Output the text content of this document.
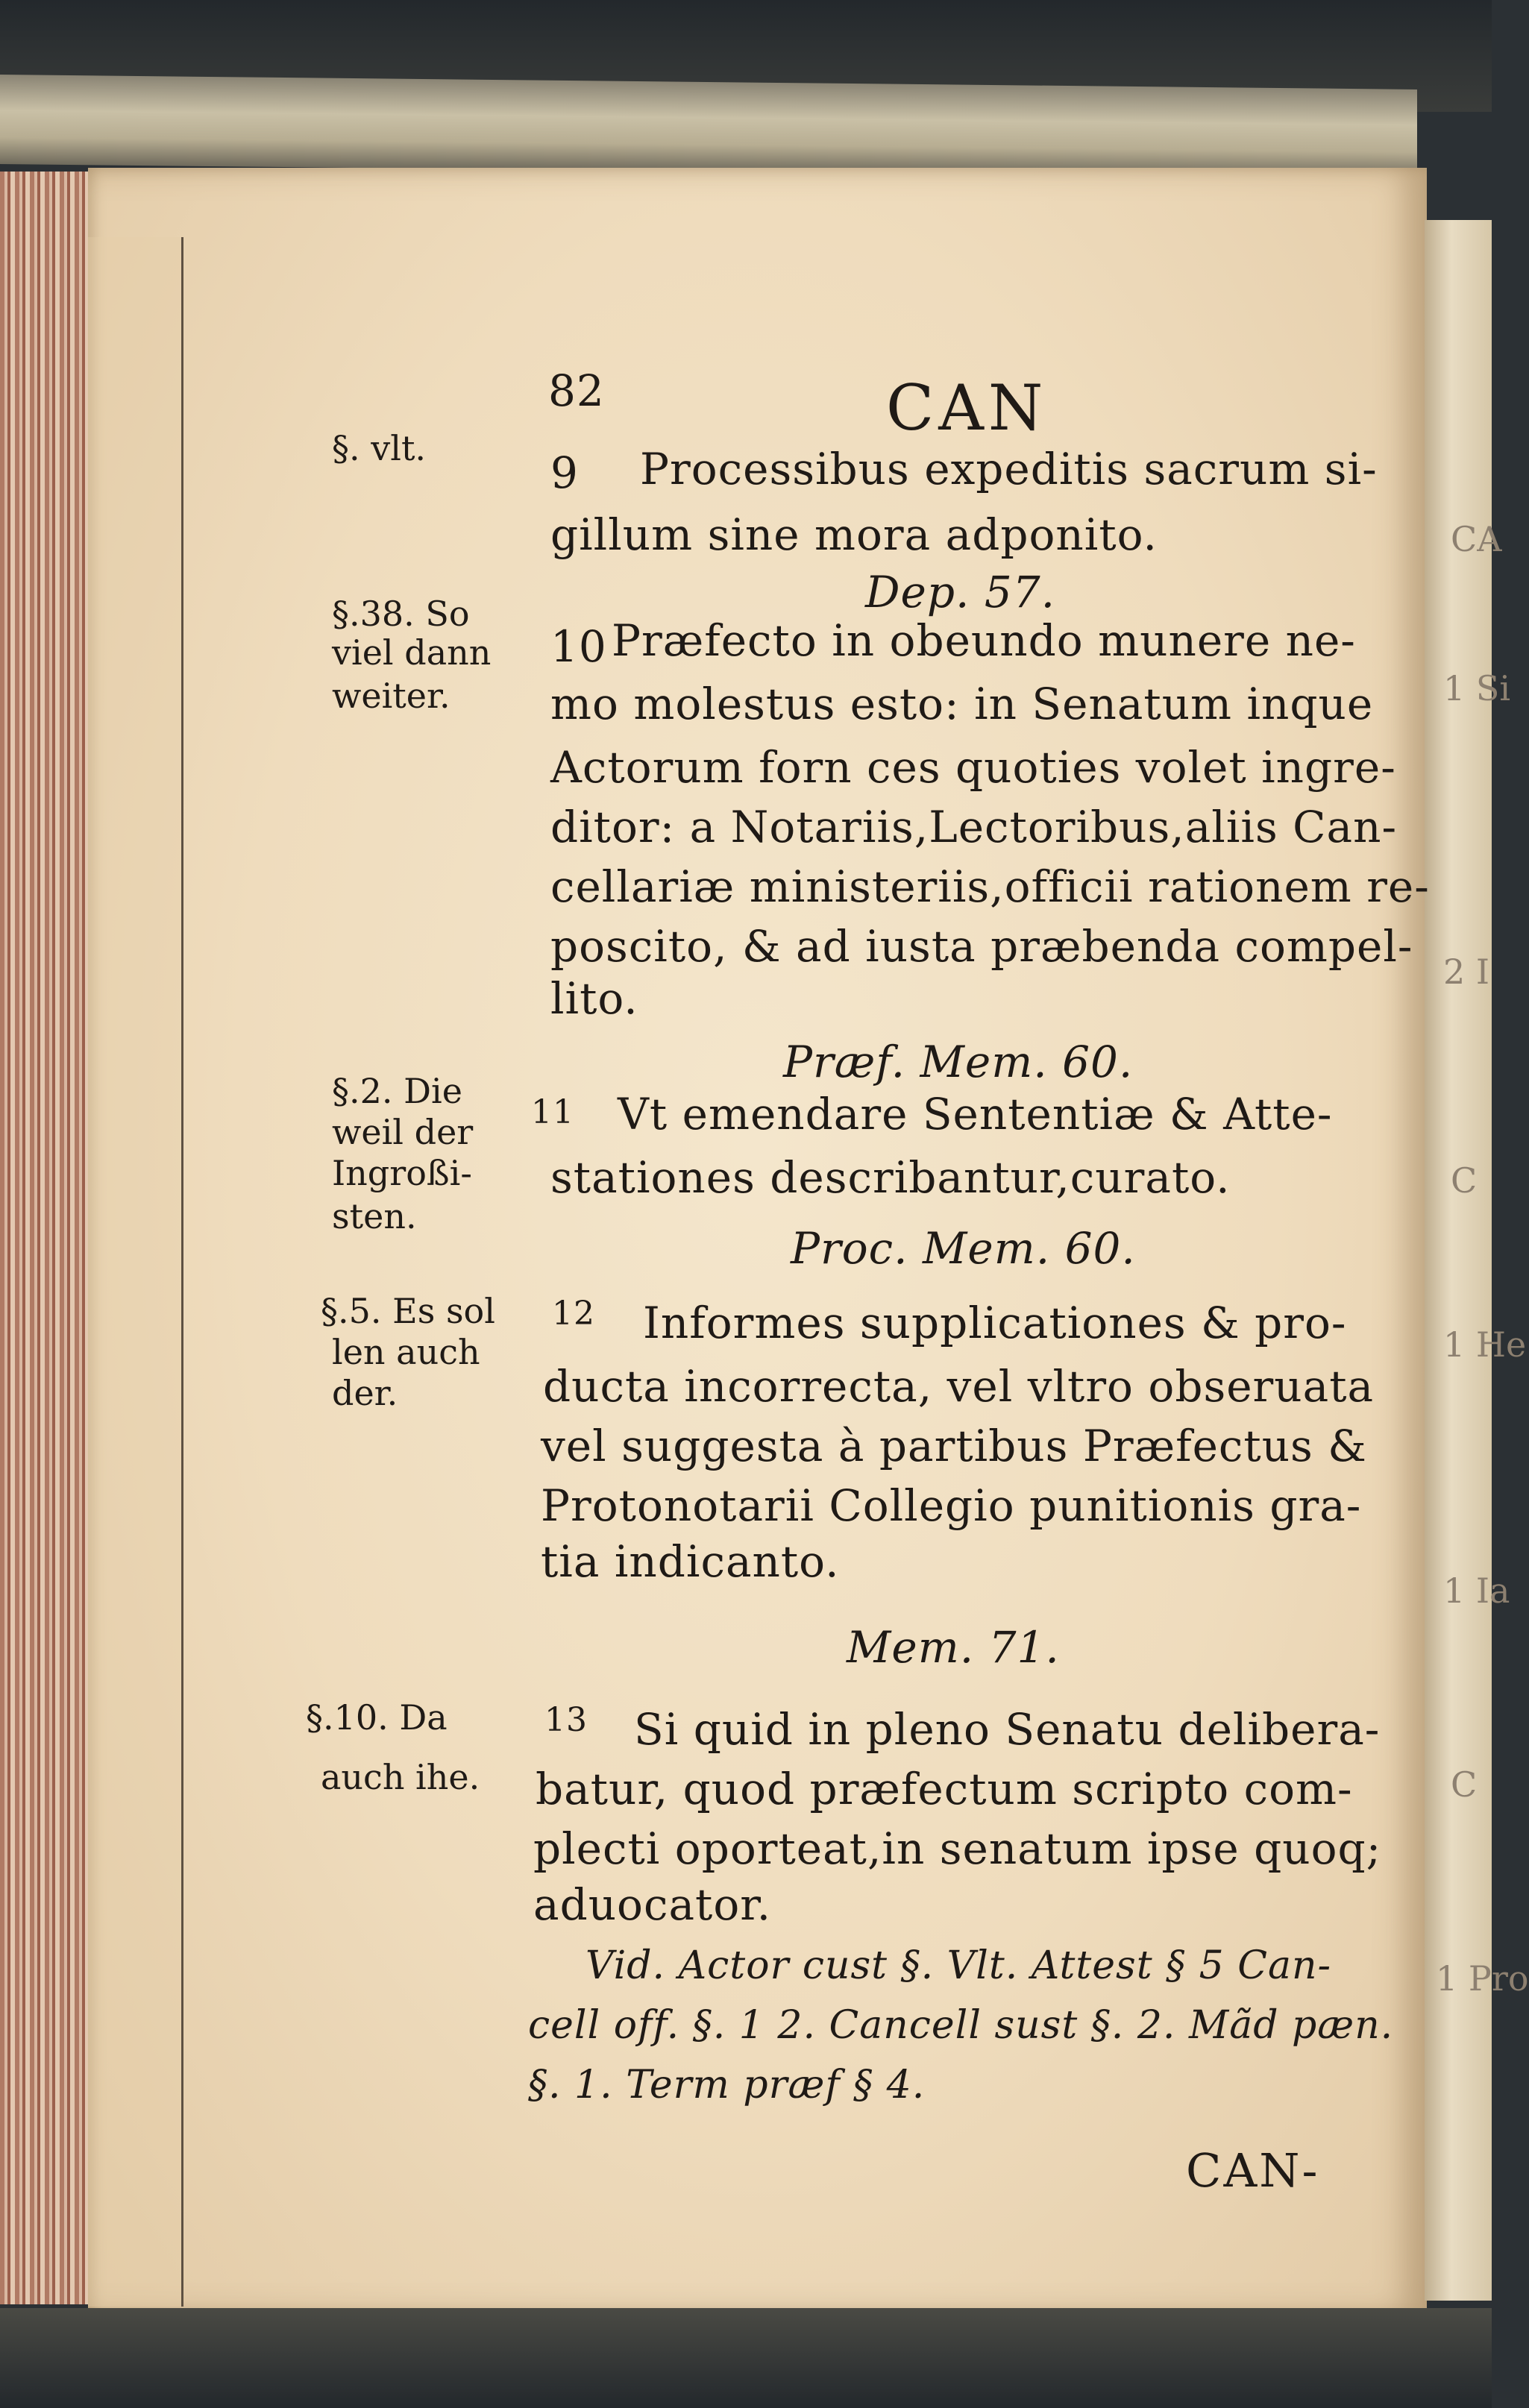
82	CAN
§. vlt.	9 Processibus expeditis sacrum si-
gillum sine mora adponito.
Dep. 57.
§.38. So
viel dann
weiter.
10 Præfecto in obeundo munere ne-
mo molestus esto: in Senatum inque
Actorum forn ces quoties volet ingre-
ditor: a Notariis,Lectoribus,aliis Can-
cellariæ ministeriis,officii rationem re-
poscito, & ad iusta præbenda compel-
lito.
Præf. Mem. 60.
§.2. Die
weil der
Ingroßi-
sten.
11 Vt emendare Sententiæ & Atte-
stationes describantur,curato.
Proc. Mem. 60.
§.5. Es sol
len auch
der.
12 Informes supplicationes & pro-
ducta incorrecta, vel vltro obseruata
vel suggesta à partibus Præfectus &
Protonotarii Collegio punitionis gra-
tia indicanto.
Mem. 71.
§.10. Da
auch ihe.
13 Si quid in pleno Senatu delibera-
batur, quod præfectum scripto com-
plecti oporteat,in senatum ipse quoq;
aduocator.
Vid. Actor cust §. Vlt. Attest § 5 Can-
cell off. §. 1 2. Cancell sust §. 2. Mãd pæn.
§. 1. Term præf § 4.
CAN-
CA
1 Si
2 I
C
1 He
1 Ia
C
1 Pro
